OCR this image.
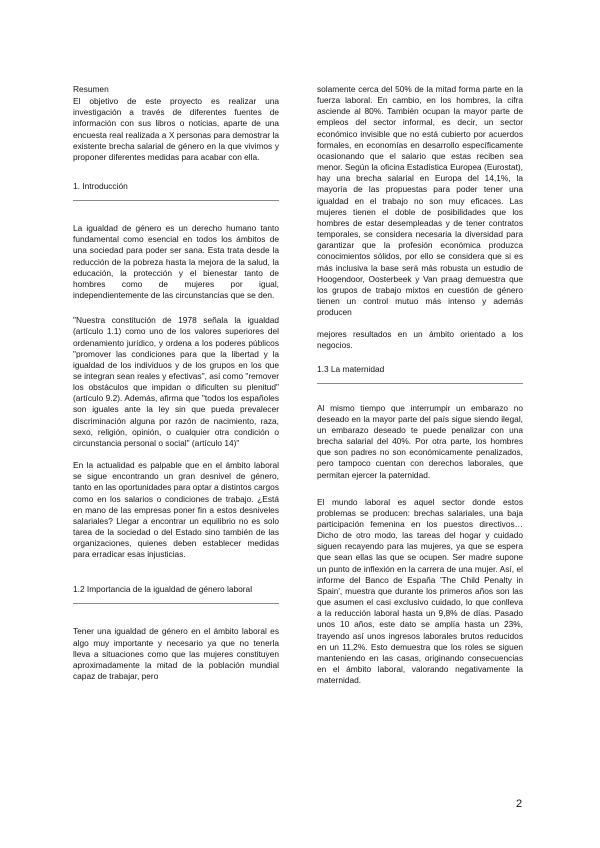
Resumen

El objetivo de este proyecto es realizar una investigación a través de diferentes fuentes de información con sus libros o noticias, aparte de una encuesta real realizada a X personas para demostrar la existente brecha salarial de género en la que vivimos y proponer diferentes medidas para acabar con ella.

1. Introducción

La igualdad de género es un derecho humano tanto fundamental como esencial en todos los ámbitos de una sociedad para poder ser sana. Esta trata desde la reducción de la pobreza hasta la mejora de la salud, la educación, la protección y el bienestar tanto de hombres como de mujeres por igual, independientemente de las circunstancias que se den.

"Nuestra constitución de 1978 señala la igualdad (artículo 1.1) como uno de los valores superiores del ordenamiento jurídico, y ordena a los poderes públicos "promover las condiciones para que la libertad y la igualdad de los individuos y de los grupos en los que se integran sean reales y efectivas", así como "remover los obstáculos que impidan o dificulten su plenitud" (artículo 9.2). Además, afirma que "todos los españoles son iguales ante la ley sin que pueda prevalecer discriminación alguna por razón de nacimiento, raza, sexo, religión, opinión, o cualquier otra condición o circunstancia personal o social" (artículo 14)"

En la actualidad es palpable que en el ámbito laboral se sigue encontrando un gran desnivel de género, tanto en las oportunidades para optar a distintos cargos como en los salarios o condiciones de trabajo. ¿Está en mano de las empresas poner fin a estos desniveles salariales? Llegar a encontrar un equilibrio no es solo tarea de la sociedad o del Estado sino también de las organizaciones, quienes deben establecer medidas para erradicar esas injusticias.

1.2 Importancia de la igualdad de género laboral

Tener una igualdad de género en el ámbito laboral es algo muy importante y necesario ya que no tenerla lleva a situaciones como que las mujeres constituyen aproximadamente la mitad de la población mundial capaz de trabajar, pero

solamente cerca del 50% de la mitad forma parte en la fuerza laboral. En cambio, en los hombres, la cifra asciende al 80%. También ocupan la mayor parte de empleos del sector informal, es decir, un sector económico invisible que no está cubierto por acuerdos formales, en economías en desarrollo específicamente ocasionando que el salario que estas reciben sea menor. Según la oficina Estadística Europea (Eurostat), hay una brecha salarial en Europa del 14,1%, la mayoría de las propuestas para poder tener una igualdad en el trabajo no son muy eficaces. Las mujeres tienen el doble de posibilidades que los hombres de estar desempleadas y de tener contratos temporales, se considera necesaria la diversidad para garantizar que la profesión económica produzca conocimientos sólidos, por ello se considera que si es más inclusiva la base será más robusta un estudio de Hoogendoor, Oosterbeek y Van praag demuestra que los grupos de trabajo mixtos en cuestión de género tienen un control mutuo más intenso y además producen

mejores resultados en un ámbito orientado a los negocios.

1.3 La maternidad

Al mismo tiempo que interrumpir un embarazo no deseado en la mayor parte del país sigue siendo ilegal, un embarazo deseado te puede penalizar con una brecha salarial del 40%. Por otra parte, los hombres que son padres no son económicamente penalizados, pero tampoco cuentan con derechos laborales, que permitan ejercer la paternidad.

El mundo laboral es aquel sector donde estos problemas se producen: brechas salariales, una baja participación femenina en los puestos directivos… Dicho de otro modo, las tareas del hogar y cuidado siguen recayendo para las mujeres, ya que se espera que sean ellas las que se ocupen. Ser madre supone un punto de inflexión en la carrera de una mujer. Así, el informe del Banco de España 'The Child Penalty in Spain', muestra que durante los primeros años son las que asumen el casi exclusivo cuidado, lo que conlleva a la reducción laboral hasta un 9,8% de días. Pasado unos 10 años, este dato se amplía hasta un 23%, trayendo así unos ingresos laborales brutos reducidos en un 11,2%. Esto demuestra que los roles se siguen manteniendo en las casas, originando consecuencias en el ámbito laboral, valorando negativamente la maternidad.

2
